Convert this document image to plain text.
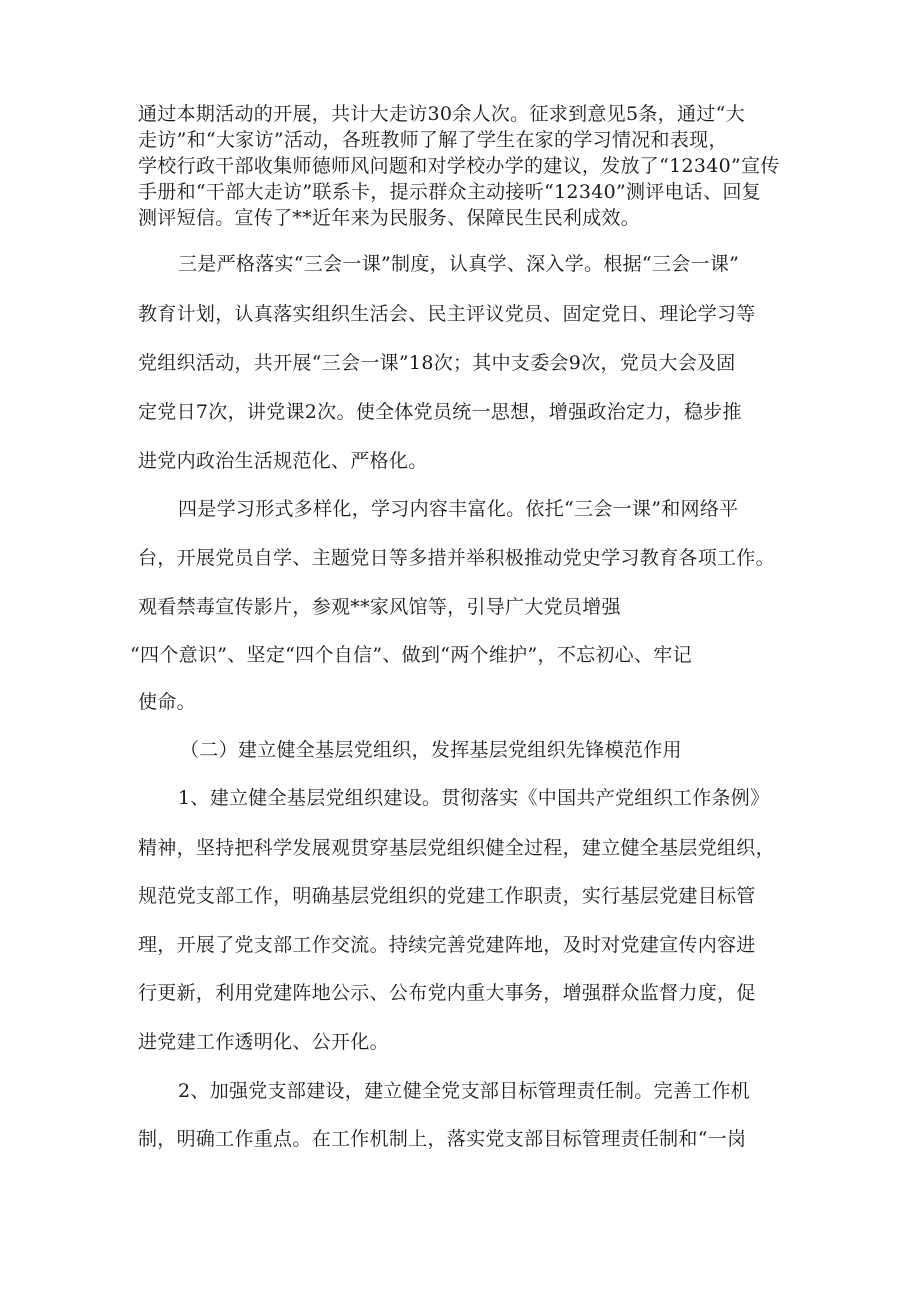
通过本期活动的开展，共计大走访30余人次。征求到意见5条，通过“大
走访”和“大家访”活动，各班教师了解了学生在家的学习情况和表现，
学校行政干部收集师德师风问题和对学校办学的建议，发放了“12340”宣传
手册和“干部大走访”联系卡，提示群众主动接听“12340”测评电话、回复
测评短信。宣传了**近年来为民服务、保障民生民利成效。
三是严格落实“三会一课”制度，认真学、深入学。根据“三会一课”
教育计划，认真落实组织生活会、民主评议党员、固定党日、理论学习等
党组织活动，共开展“三会一课”18次；其中支委会9次，党员大会及固
定党日7次，讲党课2次。使全体党员统一思想，增强政治定力，稳步推
进党内政治生活规范化、严格化。
四是学习形式多样化，学习内容丰富化。依托“三会一课”和网络平
台，开展党员自学、主题党日等多措并举积极推动党史学习教育各项工作。
观看禁毒宣传影片，参观**家风馆等，引导广大党员增强
“四个意识”、坚定“四个自信”、做到“两个维护”，不忘初心、牢记
使命。
（二）建立健全基层党组织，发挥基层党组织先锋模范作用
1、建立健全基层党组织建设。贯彻落实《中国共产党组织工作条例》
精神，坚持把科学发展观贯穿基层党组织健全过程，建立健全基层党组织，
规范党支部工作，明确基层党组织的党建工作职责，实行基层党建目标管
理，开展了党支部工作交流。持续完善党建阵地，及时对党建宣传内容进
行更新，利用党建阵地公示、公布党内重大事务，增强群众监督力度，促
进党建工作透明化、公开化。
2、加强党支部建设，建立健全党支部目标管理责任制。完善工作机
制，明确工作重点。在工作机制上，落实党支部目标管理责任制和“一岗
